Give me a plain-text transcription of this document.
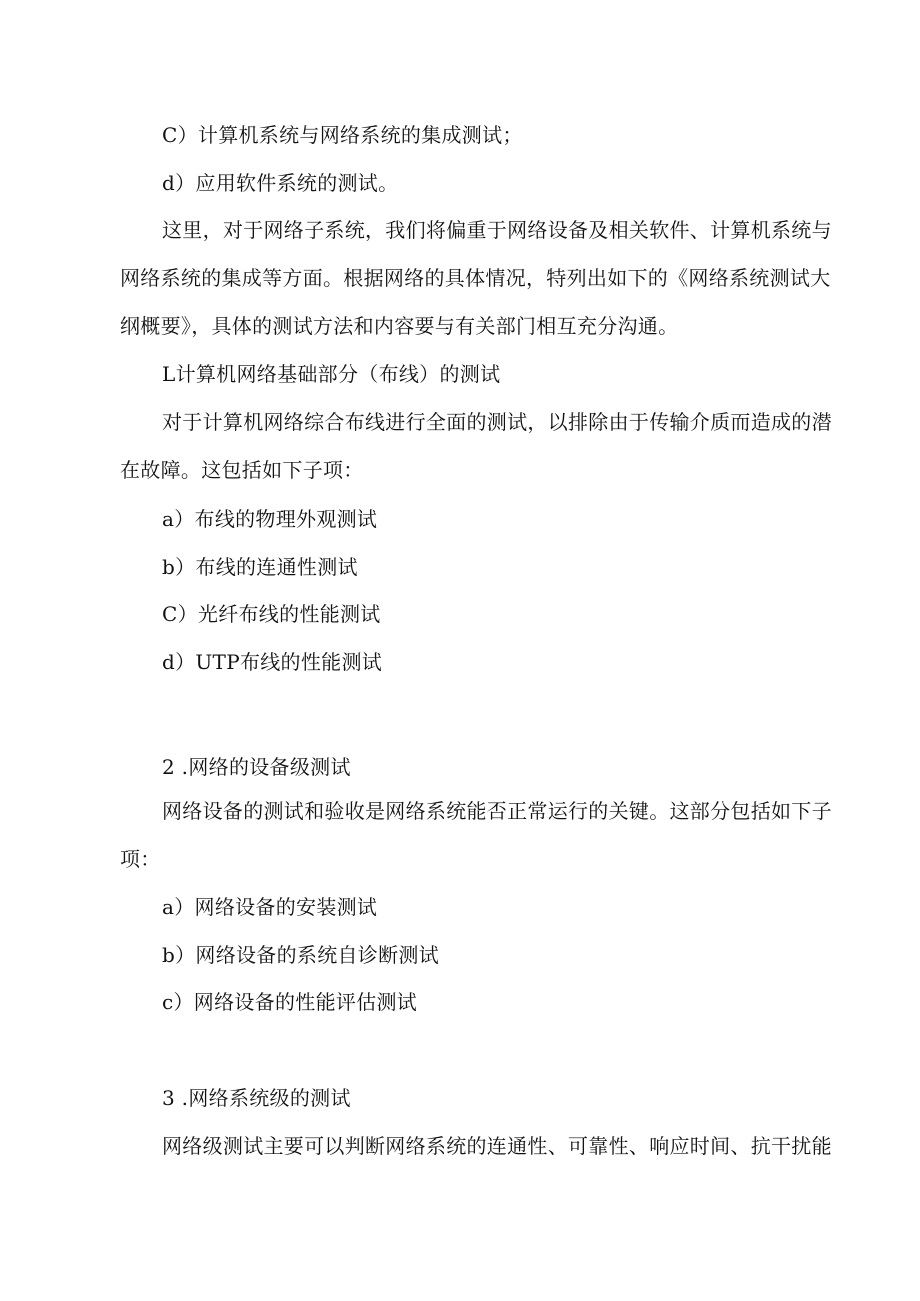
C）计算机系统与网络系统的集成测试；
d）应用软件系统的测试。
这里，对于网络子系统，我们将偏重于网络设备及相关软件、计算机系统与
网络系统的集成等方面。根据网络的具体情况，特列出如下的《网络系统测试大
纲概要》，具体的测试方法和内容要与有关部门相互充分沟通。
L计算机网络基础部分（布线）的测试
对于计算机网络综合布线进行全面的测试，以排除由于传输介质而造成的潜
在故障。这包括如下子项：
a）布线的物理外观测试
b）布线的连通性测试
C）光纤布线的性能测试
d）UTP布线的性能测试
2 .网络的设备级测试
网络设备的测试和验收是网络系统能否正常运行的关键。这部分包括如下子
项：
a）网络设备的安装测试
b）网络设备的系统自诊断测试
c）网络设备的性能评估测试
3 .网络系统级的测试
网络级测试主要可以判断网络系统的连通性、可靠性、响应时间、抗干扰能
